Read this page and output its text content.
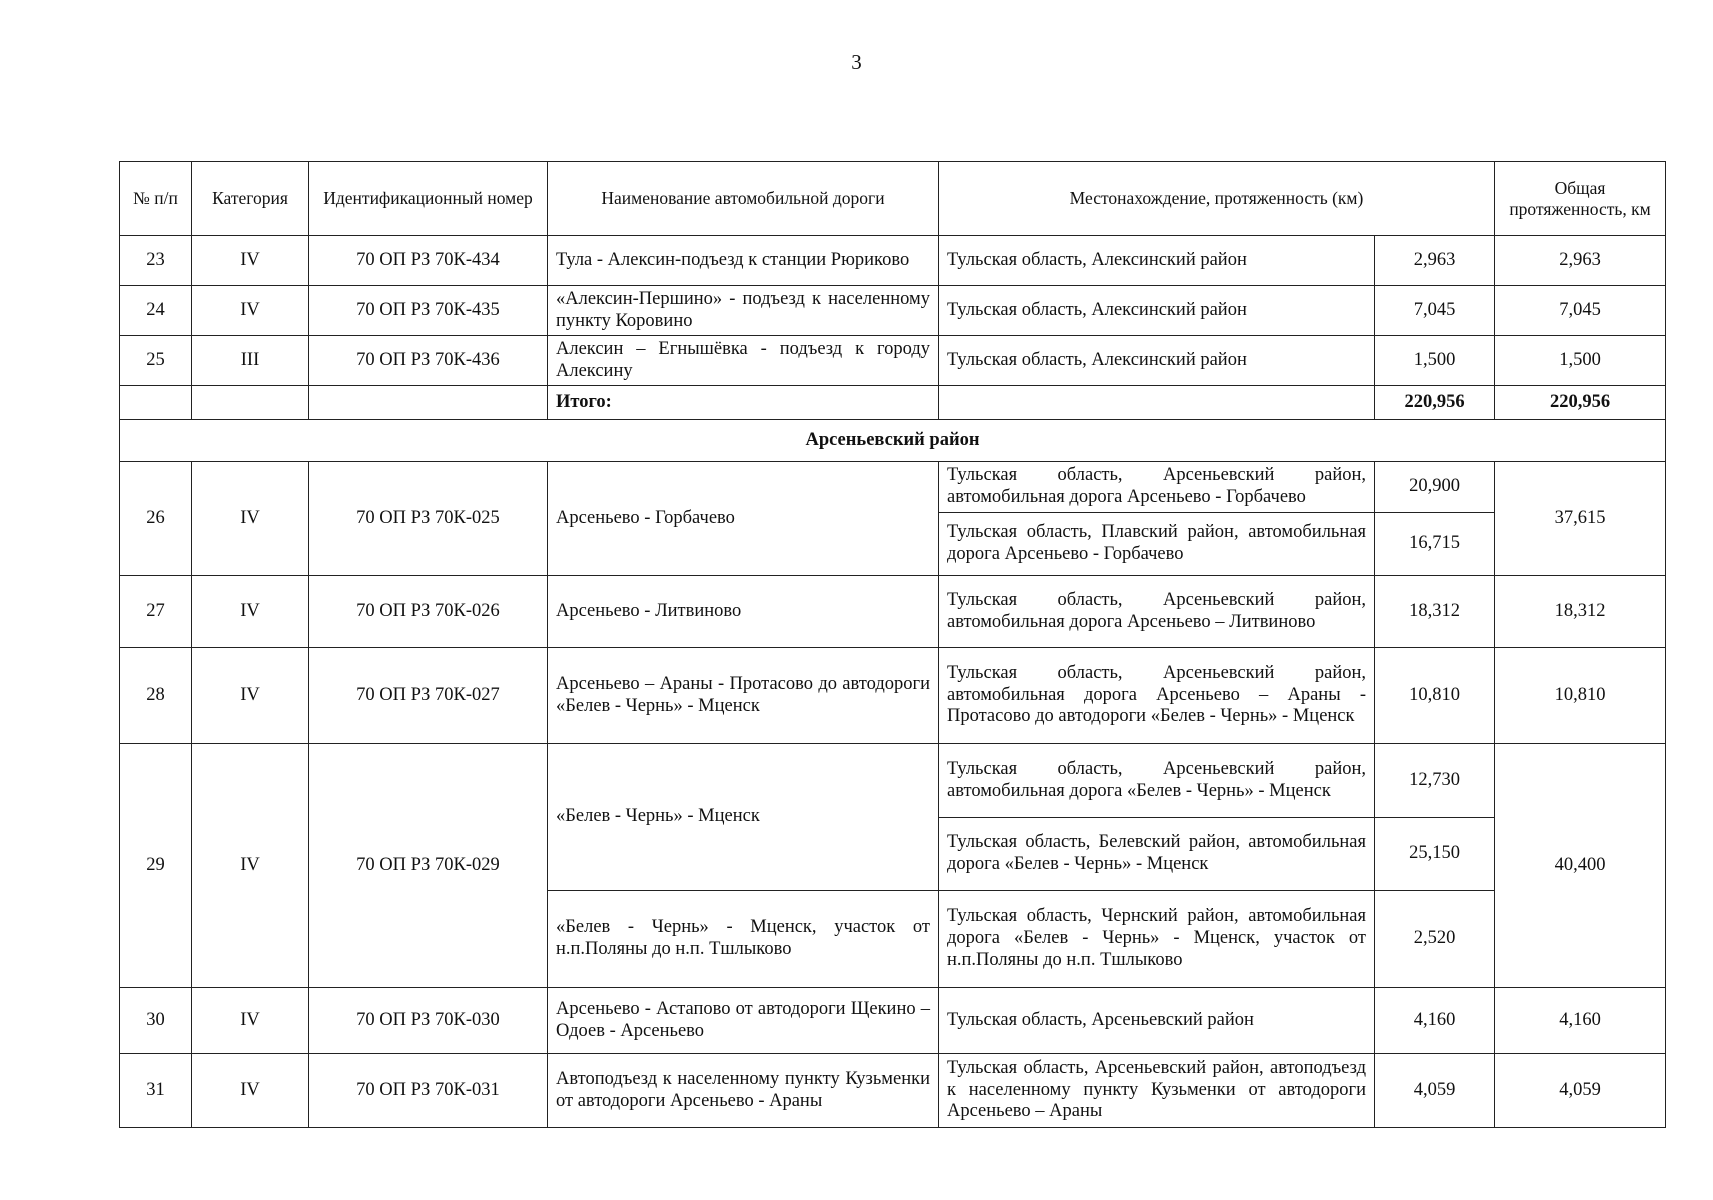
3
№ п/п	Категория	Идентификационный номер	Наименование автомобильной дороги	Местонахождение, протяженность (км)		Общая протяженность, км
23	IV	70 ОП РЗ 70К-434	Тула - Алексин-подъезд к станции Рюриково	Тульская область, Алексинский район	2,963	2,963
24	IV	70 ОП РЗ 70К-435	«Алексин-Першино» - подъезд к населенному пункту Коровино	Тульская область, Алексинский район	7,045	7,045
25	III	70 ОП РЗ 70К-436	Алексин – Егнышёвка - подъезд к городу Алексину	Тульская область, Алексинский район	1,500	1,500
			Итого:		220,956	220,956
Арсеньевский район						
26	IV	70 ОП РЗ 70К-025	Арсеньево - Горбачево	Тульская область, Арсеньевский район, автомобильная дорога Арсеньево - Горбачево	20,900	37,615
				Тульская область, Плавский район, автомобильная дорога Арсеньево - Горбачево	16,715	
27	IV	70 ОП РЗ 70К-026	Арсеньево - Литвиново	Тульская область, Арсеньевский район, автомобильная дорога Арсеньево – Литвиново	18,312	18,312
28	IV	70 ОП РЗ 70К-027	Арсеньево – Араны - Протасово до автодороги «Белев - Чернь» - Мценск	Тульская область, Арсеньевский район, автомобильная дорога Арсеньево – Араны - Протасово до автодороги «Белев - Чернь» - Мценск	10,810	10,810
29	IV	70 ОП РЗ 70К-029	«Белев - Чернь» - Мценск	Тульская область, Арсеньевский район, автомобильная дорога «Белев - Чернь» - Мценск	12,730	40,400
				Тульская область, Белевский район, автомобильная дорога «Белев - Чернь» - Мценск	25,150	
			«Белев - Чернь» - Мценск, участок от н.п.Поляны до н.п. Тшлыково	Тульская область, Чернский район, автомобильная дорога «Белев - Чернь» - Мценск, участок от н.п.Поляны до н.п. Тшлыково	2,520	
30	IV	70 ОП РЗ 70К-030	Арсеньево - Астапово от автодороги Щекино – Одоев - Арсеньево	Тульская область, Арсеньевский район	4,160	4,160
31	IV	70 ОП РЗ 70К-031	Автоподъезд к населенному пункту Кузьменки от автодороги Арсеньево - Араны	Тульская область, Арсеньевский район, автоподъезд к населенному пункту Кузьменки от автодороги Арсеньево – Араны	4,059	4,059
